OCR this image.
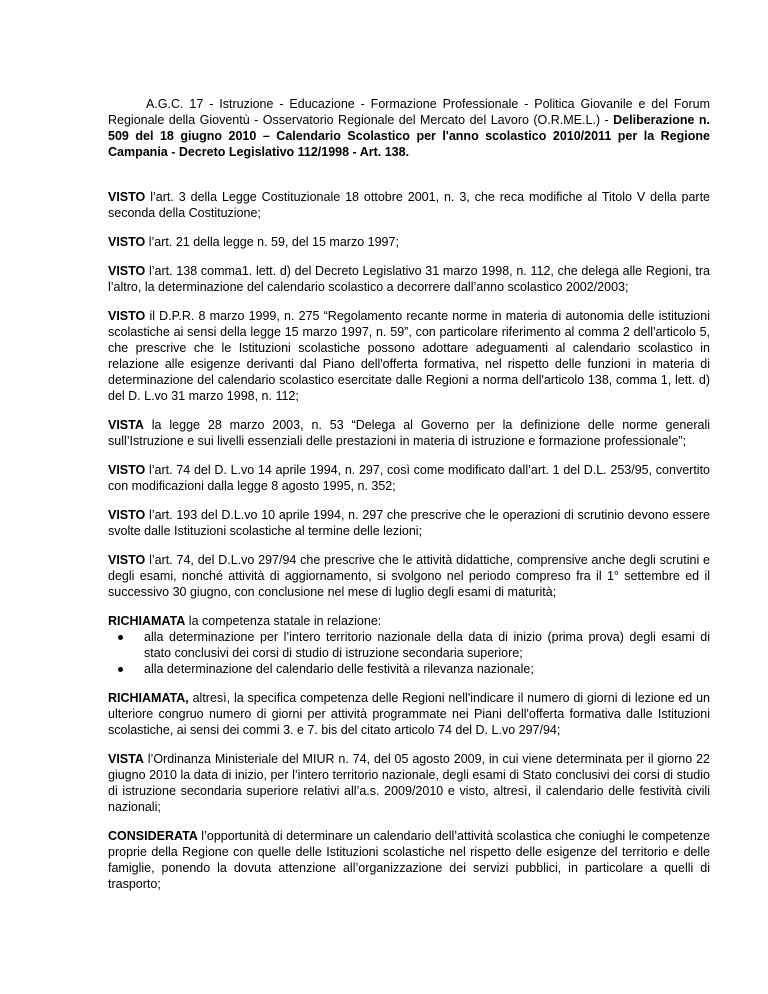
A.G.C. 17 - Istruzione - Educazione - Formazione Professionale - Politica Giovanile e del Forum Regionale della Gioventù - Osservatorio Regionale del Mercato del Lavoro (O.R.ME.L.) - Deliberazione n. 509 del 18 giugno 2010 – Calendario Scolastico per l'anno scolastico 2010/2011 per la Regione Campania - Decreto Legislativo 112/1998 - Art. 138.

VISTO l’art. 3 della Legge Costituzionale 18 ottobre 2001, n. 3, che reca modifiche al Titolo V della parte seconda della Costituzione;

VISTO l’art. 21 della legge n. 59, del 15 marzo 1997;

VISTO l’art. 138 comma1. lett. d) del Decreto Legislativo 31 marzo 1998, n. 112, che delega alle Regioni, tra l’altro, la determinazione del calendario scolastico a decorrere dall’anno scolastico 2002/2003;

VISTO il D.P.R. 8 marzo 1999, n. 275 “Regolamento recante norme in materia di autonomia delle istituzioni scolastiche ai sensi della legge 15 marzo 1997, n. 59”, con particolare riferimento al comma 2 dell'articolo 5, che prescrive che le Istituzioni scolastiche possono adottare adeguamenti al calendario scolastico in relazione alle esigenze derivanti dal Piano dell'offerta formativa, nel rispetto delle funzioni in materia di determinazione del calendario scolastico esercitate dalle Regioni a norma dell'articolo 138, comma 1, lett. d) del D. L.vo 31 marzo 1998, n. 112;

VISTA la legge 28 marzo 2003, n. 53 “Delega al Governo per la definizione delle norme generali sull’Istruzione e sui livelli essenziali delle prestazioni in materia di istruzione e formazione professionale”;

VISTO l’art. 74 del D. L.vo 14 aprile 1994, n. 297, così come modificato dall’art. 1 del D.L. 253/95, convertito con modificazioni dalla legge 8 agosto 1995, n. 352;

VISTO l’art. 193 del D.L.vo 10 aprile 1994, n. 297 che prescrive che le operazioni di scrutinio devono essere svolte dalle Istituzioni scolastiche al termine delle lezioni;

VISTO l’art. 74, del D.L.vo 297/94 che prescrive che le attività didattiche, comprensive anche degli scrutini e degli esami, nonché attività di aggiornamento, si svolgono nel periodo compreso fra il 1° settembre ed il successivo 30 giugno, con conclusione nel mese di luglio degli esami di maturità;

RICHIAMATA la competenza statale in relazione:
alla determinazione per l’intero territorio nazionale della data di inizio (prima prova) degli esami di stato conclusivi dei corsi di studio di istruzione secondaria superiore;
alla determinazione del calendario delle festività a rilevanza nazionale;

RICHIAMATA, altresì, la specifica competenza delle Regioni nell'indicare il numero di giorni di lezione ed un ulteriore congruo numero di giorni per attività programmate nei Piani dell'offerta formativa dalle Istituzioni scolastiche, ai sensi dei commi 3. e 7. bis del citato articolo 74 del D. L.vo 297/94;

VISTA l’Ordinanza Ministeriale del MIUR n. 74, del 05 agosto 2009, in cui viene determinata per il giorno 22 giugno 2010 la data di inizio, per l’intero territorio nazionale, degli esami di Stato conclusivi dei corsi di studio di istruzione secondaria superiore relativi all’a.s. 2009/2010 e visto, altresì, il calendario delle festività civili nazionali;

CONSIDERATA l’opportunità di determinare un calendario dell’attività scolastica che coniughi le competenze proprie della Regione con quelle delle Istituzioni scolastiche nel rispetto delle esigenze del territorio e delle famiglie, ponendo la dovuta attenzione all’organizzazione dei servizi pubblici, in particolare a quelli di trasporto;
